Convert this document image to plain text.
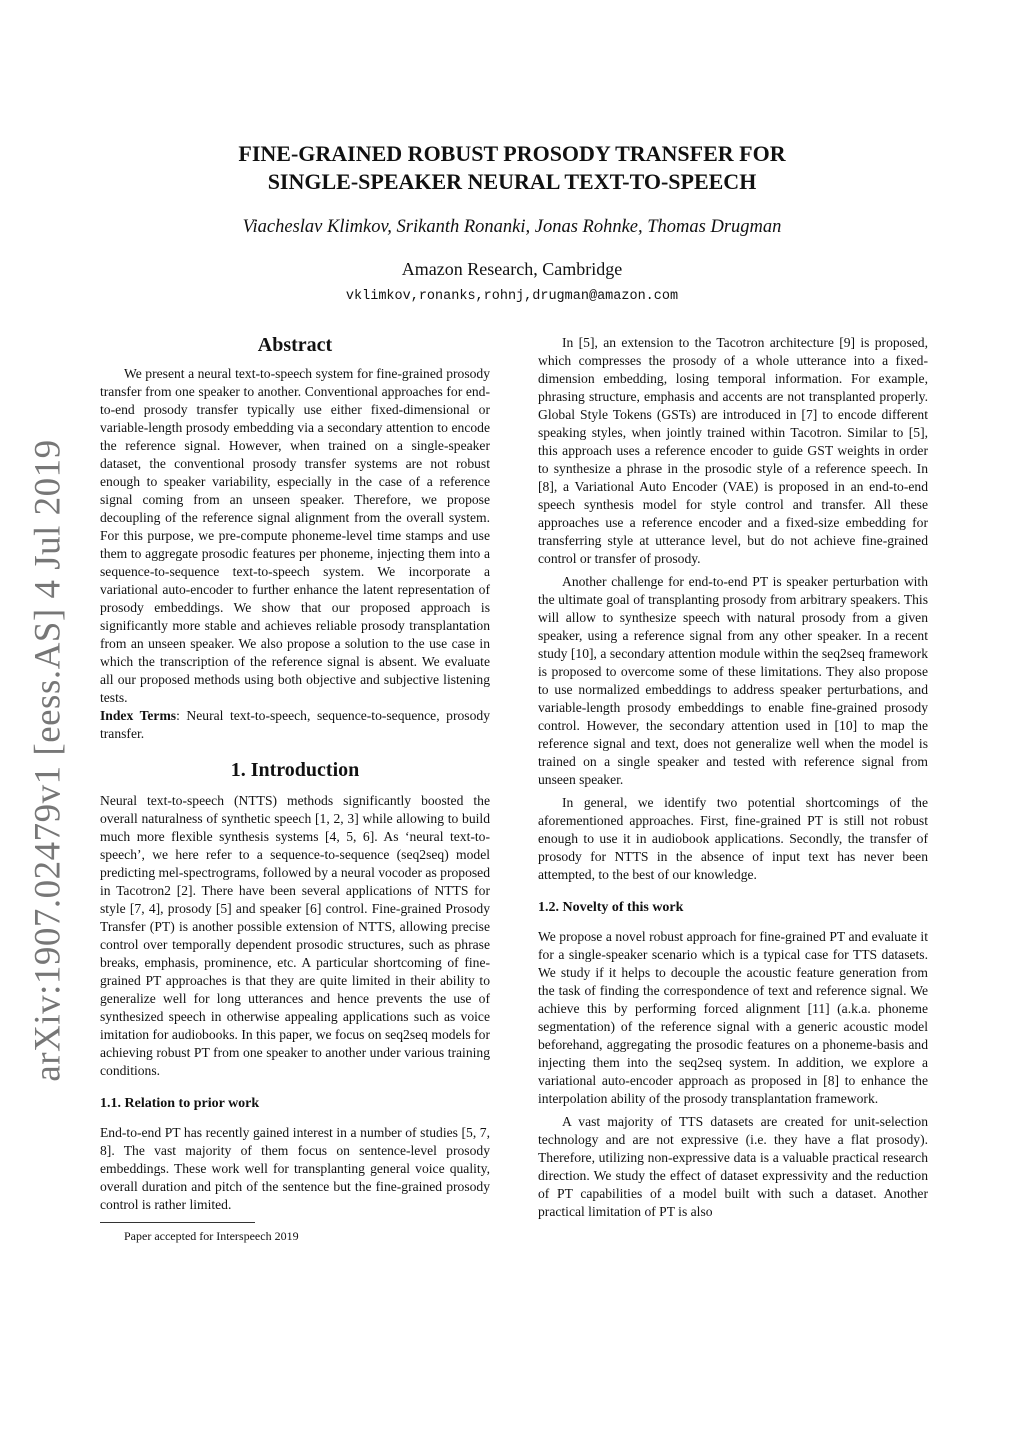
arXiv:1907.02479v1 [eess.AS] 4 Jul 2019
FINE-GRAINED ROBUST PROSODY TRANSFER FOR
SINGLE-SPEAKER NEURAL TEXT-TO-SPEECH

Viacheslav Klimkov, Srikanth Ronanki, Jonas Rohnke, Thomas Drugman

Amazon Research, Cambridge

vklimkov,ronanks,rohnj,drugman@amazon.com

Abstract

We present a neural text-to-speech system for fine-grained prosody transfer from one speaker to another. Conventional approaches for end-to-end prosody transfer typically use either fixed-dimensional or variable-length prosody embedding via a secondary attention to encode the reference signal. However, when trained on a single-speaker dataset, the conventional prosody transfer systems are not robust enough to speaker variability, especially in the case of a reference signal coming from an unseen speaker. Therefore, we propose decoupling of the reference signal alignment from the overall system. For this purpose, we pre-compute phoneme-level time stamps and use them to aggregate prosodic features per phoneme, injecting them into a sequence-to-sequence text-to-speech system. We incorporate a variational auto-encoder to further enhance the latent representation of prosody embeddings. We show that our proposed approach is significantly more stable and achieves reliable prosody transplantation from an unseen speaker. We also propose a solution to the use case in which the transcription of the reference signal is absent. We evaluate all our proposed methods using both objective and subjective listening tests.

Index Terms: Neural text-to-speech, sequence-to-sequence, prosody transfer.

1. Introduction

Neural text-to-speech (NTTS) methods significantly boosted the overall naturalness of synthetic speech [1, 2, 3] while allowing to build much more flexible synthesis systems [4, 5, 6]. As ‘neural text-to-speech’, we here refer to a sequence-to-sequence (seq2seq) model predicting mel-spectrograms, followed by a neural vocoder as proposed in Tacotron2 [2]. There have been several applications of NTTS for style [7, 4], prosody [5] and speaker [6] control. Fine-grained Prosody Transfer (PT) is another possible extension of NTTS, allowing precise control over temporally dependent prosodic structures, such as phrase breaks, emphasis, prominence, etc. A particular shortcoming of fine-grained PT approaches is that they are quite limited in their ability to generalize well for long utterances and hence prevents the use of synthesized speech in otherwise appealing applications such as voice imitation for audiobooks. In this paper, we focus on seq2seq models for achieving robust PT from one speaker to another under various training conditions.

1.1. Relation to prior work

End-to-end PT has recently gained interest in a number of studies [5, 7, 8]. The vast majority of them focus on sentence-level prosody embeddings. These work well for transplanting general voice quality, overall duration and pitch of the sentence but the fine-grained prosody control is rather limited.

Paper accepted for Interspeech 2019

In [5], an extension to the Tacotron architecture [9] is proposed, which compresses the prosody of a whole utterance into a fixed-dimension embedding, losing temporal information. For example, phrasing structure, emphasis and accents are not transplanted properly. Global Style Tokens (GSTs) are introduced in [7] to encode different speaking styles, when jointly trained within Tacotron. Similar to [5], this approach uses a reference encoder to guide GST weights in order to synthesize a phrase in the prosodic style of a reference speech. In [8], a Variational Auto Encoder (VAE) is proposed in an end-to-end speech synthesis model for style control and transfer. All these approaches use a reference encoder and a fixed-size embedding for transferring style at utterance level, but do not achieve fine-grained control or transfer of prosody.

Another challenge for end-to-end PT is speaker perturbation with the ultimate goal of transplanting prosody from arbitrary speakers. This will allow to synthesize speech with natural prosody from a given speaker, using a reference signal from any other speaker. In a recent study [10], a secondary attention module within the seq2seq framework is proposed to overcome some of these limitations. They also propose to use normalized embeddings to address speaker perturbations, and variable-length prosody embeddings to enable fine-grained prosody control. However, the secondary attention used in [10] to map the reference signal and text, does not generalize well when the model is trained on a single speaker and tested with reference signal from unseen speaker.

In general, we identify two potential shortcomings of the aforementioned approaches. First, fine-grained PT is still not robust enough to use it in audiobook applications. Secondly, the transfer of prosody for NTTS in the absence of input text has never been attempted, to the best of our knowledge.

1.2. Novelty of this work

We propose a novel robust approach for fine-grained PT and evaluate it for a single-speaker scenario which is a typical case for TTS datasets. We study if it helps to decouple the acoustic feature generation from the task of finding the correspondence of text and reference signal. We achieve this by performing forced alignment [11] (a.k.a. phoneme segmentation) of the reference signal with a generic acoustic model beforehand, aggregating the prosodic features on a phoneme-basis and injecting them into the seq2seq system. In addition, we explore a variational auto-encoder approach as proposed in [8] to enhance the interpolation ability of the prosody transplantation framework.

A vast majority of TTS datasets are created for unit-selection technology and are not expressive (i.e. they have a flat prosody). Therefore, utilizing non-expressive data is a valuable practical research direction. We study the effect of dataset expressivity and the reduction of PT capabilities of a model built with such a dataset. Another practical limitation of PT is also
